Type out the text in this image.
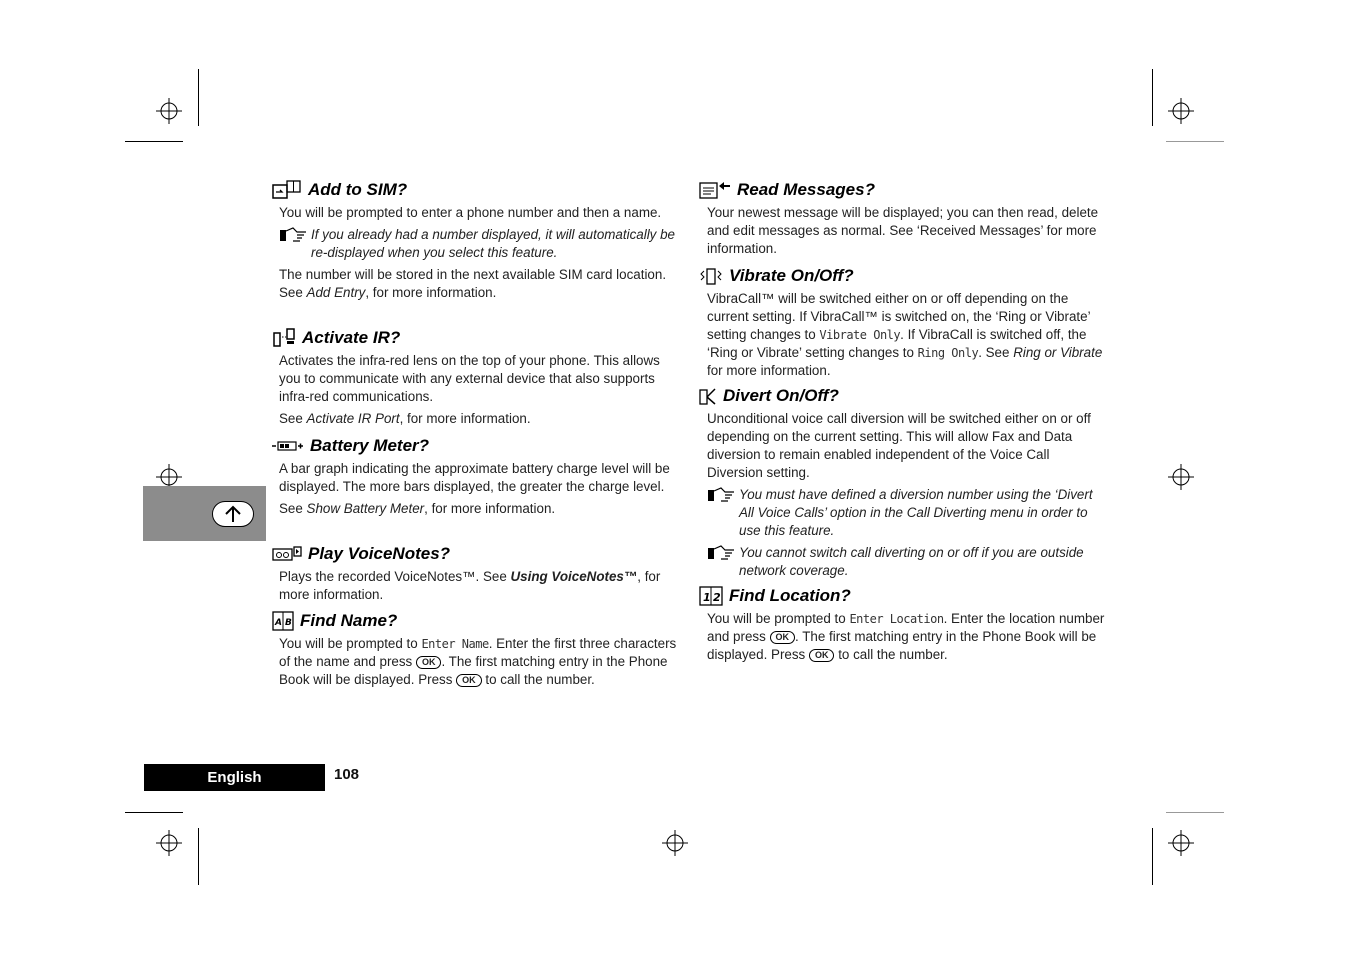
Add to SIM?

You will be prompted to enter a phone number and then a name.

If you already had a number displayed, it will automatically be re-displayed when you select this feature.

The number will be stored in the next available SIM card location. See Add Entry, for more information.

Activate IR?

Activates the infra-red lens on the top of your phone. This allows you to communicate with any external device that also supports infra-red communications.

See Activate IR Port, for more information.

Battery Meter?

A bar graph indicating the approximate battery charge level will be displayed. The more bars displayed, the greater the charge level.

See Show Battery Meter, for more information.

Play VoiceNotes?

Plays the recorded VoiceNotes™. See Using VoiceNotes™, for more information.

A B Find Name?

You will be prompted to Enter Name. Enter the first three characters of the name and press OK . The first matching entry in the Phone Book will be displayed. Press OK to call the number.

Read Messages?

Your newest message will be displayed; you can then read, delete and edit messages as normal. See ‘Received Messages’ for more information.

Vibrate On/Off?

VibraCall™ will be switched either on or off depending on the current setting. If VibraCall™ is switched on, the ‘Ring or Vibrate’ setting changes to Vibrate Only. If VibraCall is switched off, the ‘Ring or Vibrate’ setting changes to Ring Only. See Ring or Vibrate for more information.

Divert On/Off?

Unconditional voice call diversion will be switched either on or off depending on the current setting. This will allow Fax and Data diversion to remain enabled independent of the Voice Call Diversion setting.

You must have defined a diversion number using the ‘Divert All Voice Calls’ option in the Call Diverting menu in order to use this feature.
You cannot switch call diverting on or off if you are outside network coverage.
1 2 Find Location?

You will be prompted to Enter Location. Enter the location number and press OK . The first matching entry in the Phone Book will be displayed. Press OK to call the number.

English	108
